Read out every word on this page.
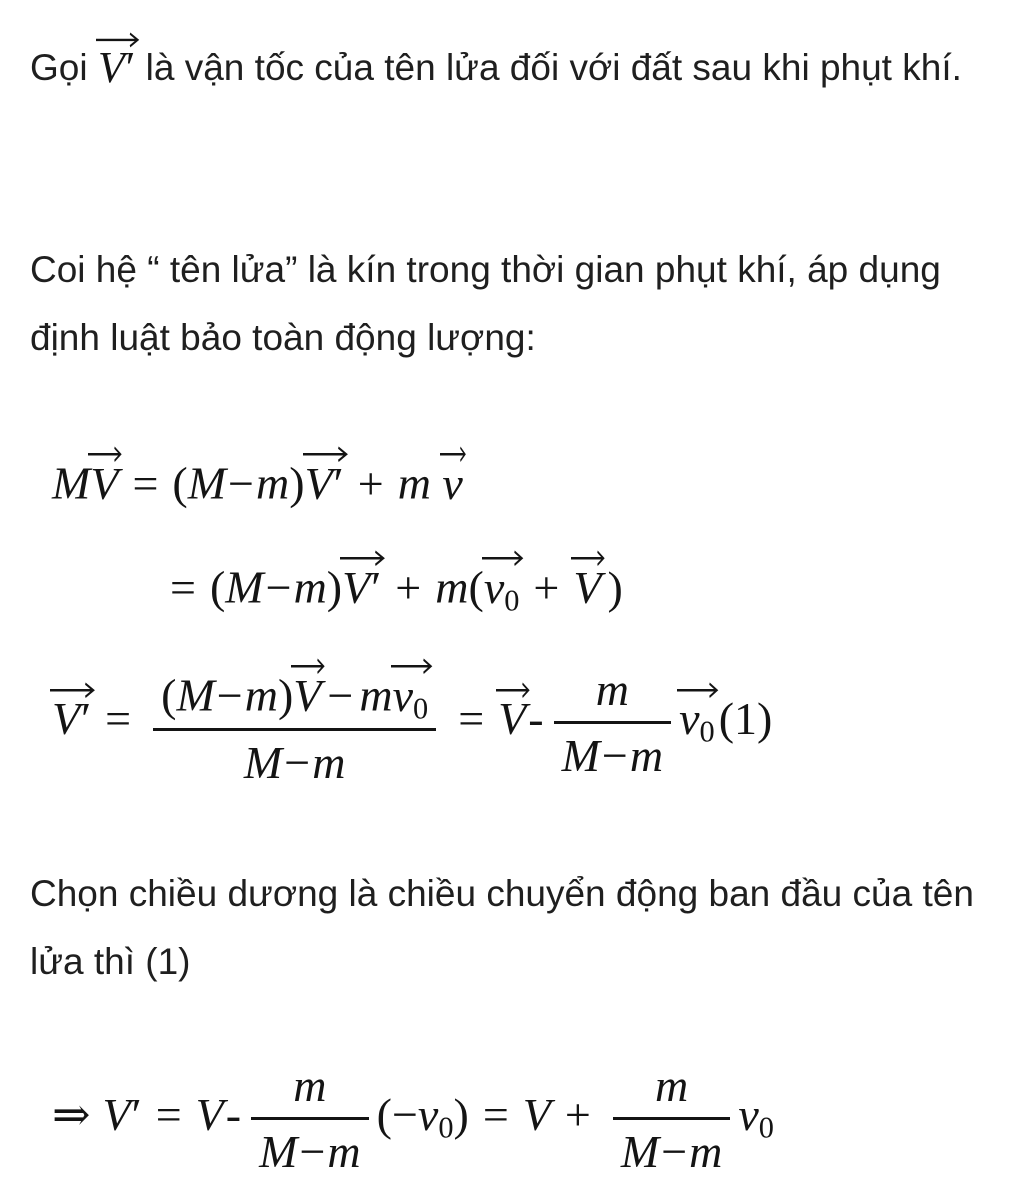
Gọi V′ là vận tốc của tên lửa đối với đất sau khi phụt khí.

Coi hệ “ tên lửa” là kín trong thời gian phụt khí, áp dụng định luật bảo toàn động lượng:

M
V = (M−m)
V′ + m v
= (M−m)
V′ + m(
$v_0 + V$ )
V′ = (M−m)
V − m
$v_0$
$M-m = V- \frac{m}{M-m} v_0(1)$

Chọn chiều dương là chiều chuyển động ban đầu của tên lửa thì (1)

⇒ $V' = V- \frac{m}{M-m} (-v_0) = V + \frac{m}{M-m} v_0$
